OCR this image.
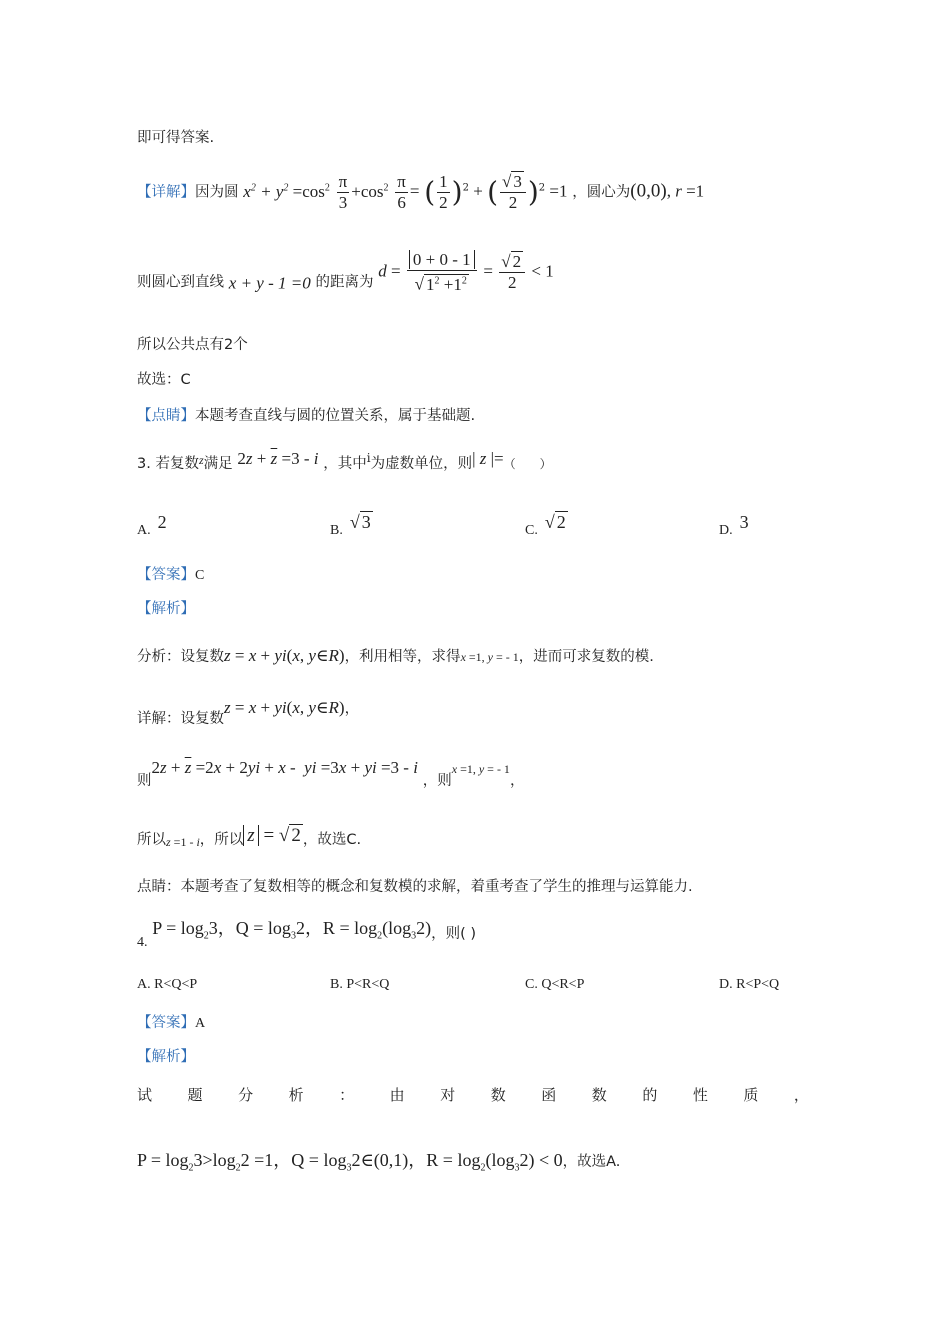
即可得答案.
【详解】因为圆 $x^2 + y^2 =\cos^2 \frac{\pi}{3} +\cos^2 \frac{\pi}{6}$ = ( $\frac{1}{2} )^2$ + ( $\frac{√ 3}{2} )^2 =1$ ，圆心为(0,0), r =1
则圆心到直线 x + y - 1 =0 的距离为 $d = \frac{0 + 0 - 1}{√ 1^2 +1^2} = \frac{√ 2}{2} < 1$
所以公共点有2个
故选：C
【点睛】本题考查直线与圆的位置关系，属于基础题.
3. 若复数$^z$满足 $2z + \overline{z} =3 - i$ ，其中$^i$为虚数单位，则| z |=（　　）
A. 2	B. √ 3	C. √ 2	D. 3
【答案】C
【解析】
分析：设复数z = x + yi(x, y∈R)，利用相等，求得x =1, y = - 1，进而可求复数的模.
详解：设复数z = x + yi(x, y∈R)，
则$2z + \overline{z} =2x + 2yi + x$ -  yi =3x + yi =3 - i ，则x =1, y = - 1，
所以z =1 - i，所以 z = √ 2 ，故选C.
点睛：本题考查了复数相等的概念和复数模的求解，着重考查了学生的推理与运算能力.
4. $P = \log_23$，$Q = \log_32$，$R = \log_2(\log_32)$，则( )
A. R<Q<P	B. P<R<Q	C. Q<R<P	D. R<P<Q
【答案】A
【解析】
试 题 分 析 ： 由 对 数 函 数 的 性 质 ，
$P = \log_23>\log_22 =1$，$Q = \log_32\in(0,1)$，$R = \log_2(\log_32) < 0$，故选A.
